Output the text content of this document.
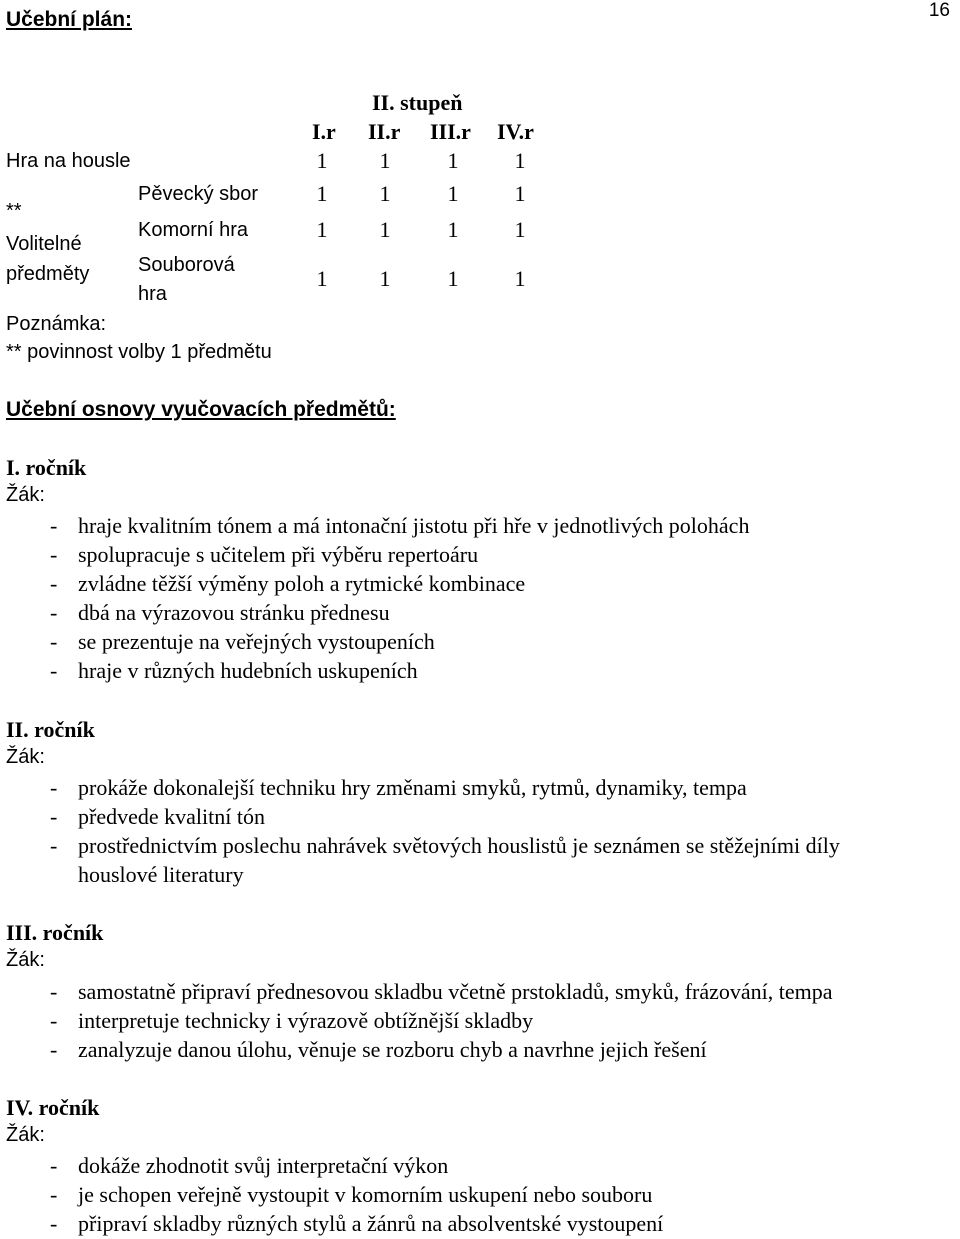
16
Učební plán:
II. stupeň
I.r II.r III.r IV.r
Hra na housle	1	1	1	1
**
Volitelné
předměty
Pěvecký sbor	1	1	1	1
Komorní hra	1	1	1	1
Souborová
hra
1	1	1	1
Poznámka:
** povinnost volby 1 předmětu
Učební osnovy vyučovacích předmětů:
I. ročník
Žák:
- hraje kvalitním tónem a má intonační jistotu při hře v jednotlivých polohách
- spolupracuje s učitelem při výběru repertoáru
- zvládne těžší výměny poloh a rytmické kombinace
- dbá na výrazovou stránku přednesu
- se prezentuje na veřejných vystoupeních
- hraje v různých hudebních uskupeních
II. ročník
Žák:
- prokáže dokonalejší techniku hry změnami smyků, rytmů, dynamiky, tempa
- předvede kvalitní tón
- prostřednictvím poslechu nahrávek světových houslistů je seznámen se stěžejními díly
houslové literatury
III. ročník
Žák:
- samostatně připraví přednesovou skladbu včetně prstokladů, smyků, frázování, tempa
- interpretuje technicky i výrazově obtížnější skladby
- zanalyzuje danou úlohu, věnuje se rozboru chyb a navrhne jejich řešení
IV. ročník
Žák:
- dokáže zhodnotit svůj interpretační výkon
- je schopen veřejně vystoupit v komorním uskupení nebo souboru
- připraví skladby různých stylů a žánrů na absolventské vystoupení
